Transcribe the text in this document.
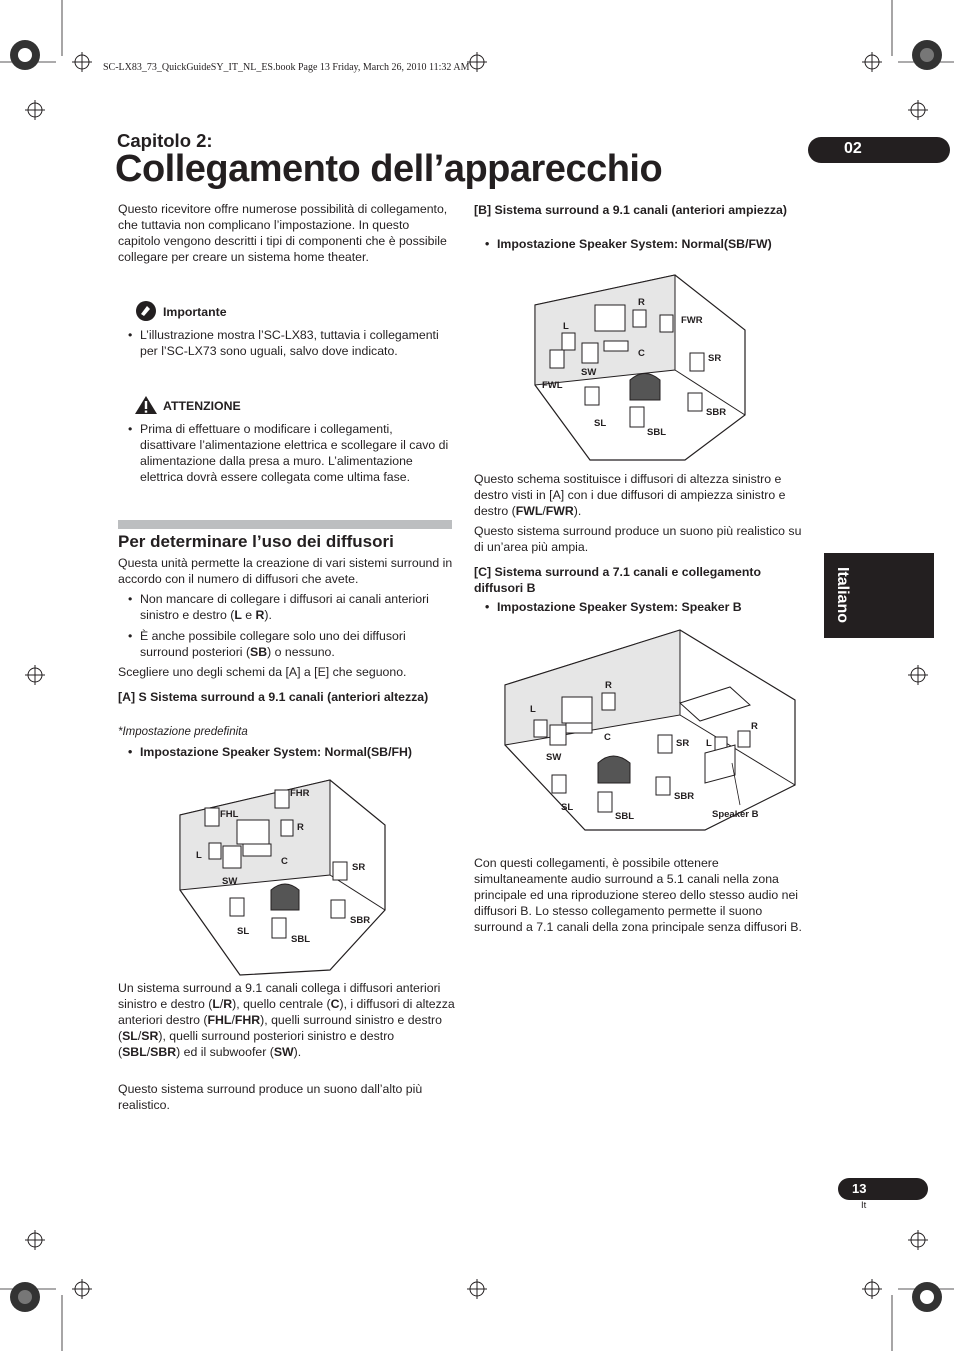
SC-LX83_73_QuickGuideSY_IT_NL_ES.book Page 13 Friday, March 26, 2010 11:32 AM
02
Capitolo 2:
Collegamento dell’apparecchio
Italiano

Questo ricevitore offre numerose possibilità di collegamento, che tuttavia non complicano l’impostazione. In questo capitolo vengono descritti i tipi di componenti che è possibile collegare per creare un sistema home theater.

Importante
• L’illustrazione mostra l’SC-LX83, tuttavia i collegamenti per l’SC-LX73 sono uguali, salvo dove indicato.
ATTENZIONE
• Prima di effettuare o modificare i collegamenti, disattivare l’alimentazione elettrica e scollegare il cavo di alimentazione dalla presa a muro. L’alimentazione elettrica dovrà essere collegata come ultima fase.
Per determinare l’uso dei diffusori

Questa unità permette la creazione di vari sistemi surround in accordo con il numero di diffusori che avete.

• Non mancare di collegare i diffusori ai canali anteriori sinistro e destro (L e R).
• È anche possibile collegare solo uno dei diffusori surround posteriori (SB) o nessuno.

Scegliere uno degli schemi da [A] a [E] che seguono.

[A] S Sistema surround a 9.1 canali (anteriori altezza)
*Impostazione predefinita
• Impostazione Speaker System: Normal(SB/FH)
FHL
FHR
R
L
C
SW
SR
SL
SBL
SBR

Un sistema surround a 9.1 canali collega i diffusori anteriori sinistro e destro (L/R), quello centrale (C), i diffusori di altezza anteriori destro (FHL/FHR), quelli surround sinistro e destro (SL/SR), quelli surround posteriori sinistro e destro (SBL/SBR) ed il subwoofer (SW).

Questo sistema surround produce un suono dall’alto più realistico.

[B] Sistema surround a 9.1 canali (anteriori ampiezza)
• Impostazione Speaker System: Normal(SB/FW)
R
L
FWR
C	SR
SW
FWL
SBR
SL
SBL

Questo schema sostituisce i diffusori di altezza sinistro e destro visti in [A] con i due diffusori di ampiezza sinistro e destro (FWL/FWR).

Questo sistema surround produce un suono più realistico su di un’area più ampia.

[C] Sistema surround a 7.1 canali e collegamento diffusori B
• Impostazione Speaker System: Speaker B
R
L
C
SR L
R
SW
SBR
SL
SBL	Speaker B

Con questi collegamenti, è possibile ottenere simultaneamente audio surround a 5.1 canali nella zona principale ed una riproduzione stereo dello stesso audio nei diffusori B. Lo stesso collegamento permette il suono surround a 7.1 canali della zona principale senza diffusori B.

13
It
